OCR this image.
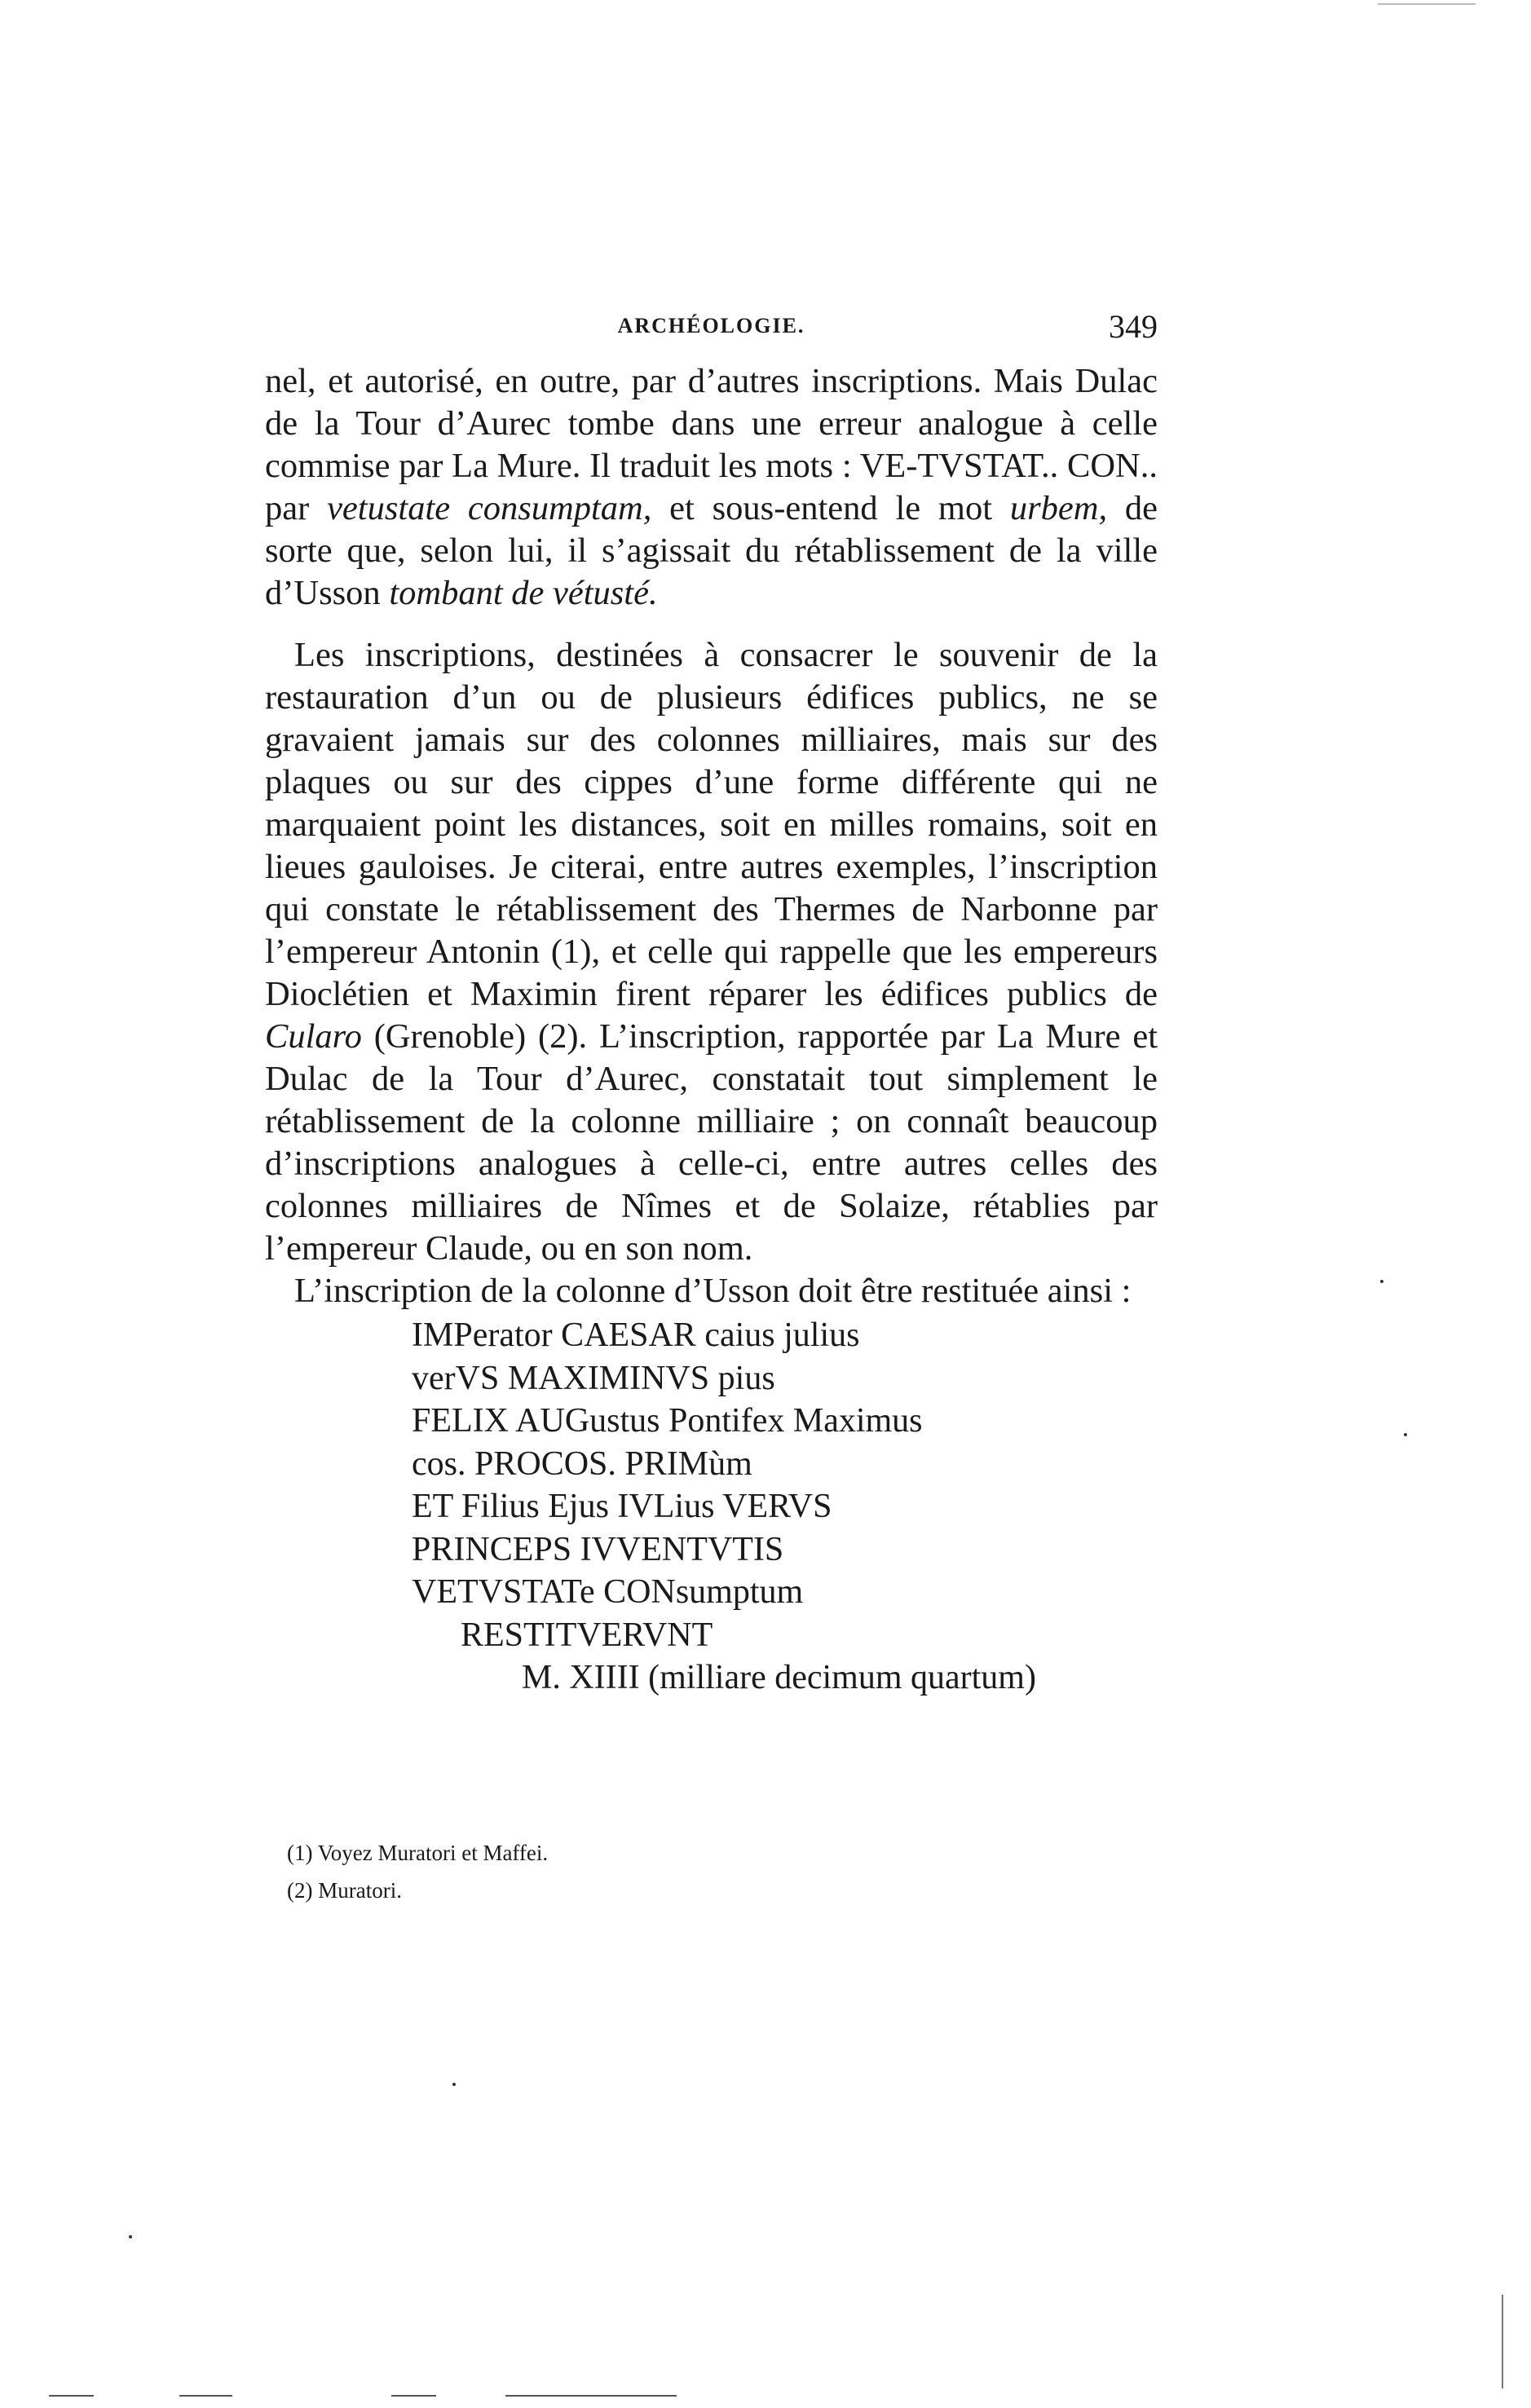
ARCHÉOLOGIE.	349

nel, et autorisé, en outre, par d’autres inscriptions. Mais Dulac de la Tour d’Aurec tombe dans une erreur analogue à celle commise par La Mure. Il traduit les mots : VE-TVSTAT.. CON.. par vetustate consumptam, et sous-entend le mot urbem, de sorte que, selon lui, il s’agissait du rétablissement de la ville d’Usson tombant de vétusté.

Les inscriptions, destinées à consacrer le souvenir de la restauration d’un ou de plusieurs édifices publics, ne se gravaient jamais sur des colonnes milliaires, mais sur des plaques ou sur des cippes d’une forme différente qui ne marquaient point les distances, soit en milles romains, soit en lieues gauloises. Je citerai, entre autres exemples, l’inscription qui constate le rétablissement des Thermes de Narbonne par l’empereur Antonin (1), et celle qui rappelle que les empereurs Dioclétien et Maximin firent réparer les édifices publics de Cularo (Grenoble) (2). L’inscription, rapportée par La Mure et Dulac de la Tour d’Aurec, constatait tout simplement le rétablissement de la colonne milliaire ; on connaît beaucoup d’inscriptions analogues à celle-ci, entre autres celles des colonnes milliaires de Nîmes et de Solaize, rétablies par l’empereur Claude, ou en son nom.

L’inscription de la colonne d’Usson doit être restituée ainsi :

IMPerator CAESAR caius julius
verVS MAXIMINVS pius
FELIX AUGustus Pontifex Maximus
cos. PROCOS. PRIMùm
ET Filius Ejus IVLius VERVS
PRINCEPS IVVENTVTIS
VETVSTATe CONsumptum
RESTITVERVNT
M. XIIII (milliare decimum quartum)
(1) Voyez Muratori et Maffei.
(2) Muratori.
